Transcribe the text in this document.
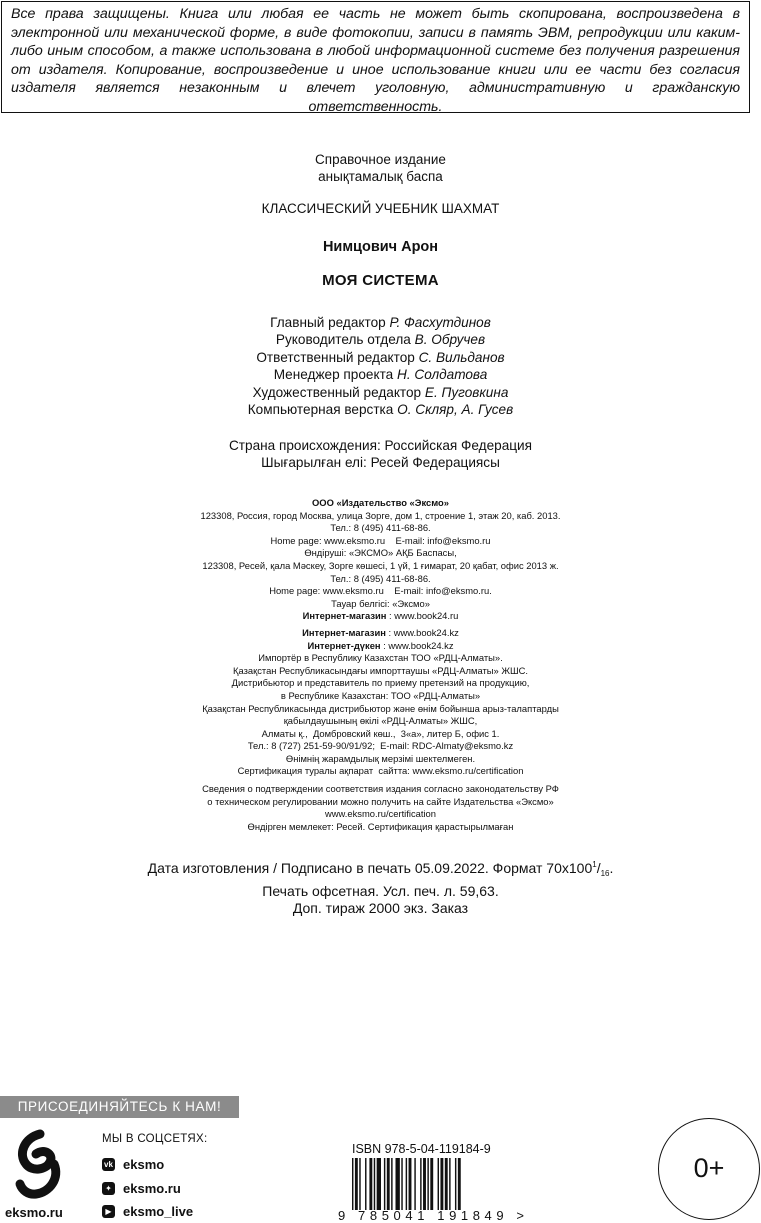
Все права защищены. Книга или любая ее часть не может быть скопирована, воспроизведена в электронной или механической форме, в виде фотокопии, записи в память ЭВМ, репродукции или каким-либо иным способом, а также использована в любой информационной системе без получения разрешения от издателя. Копирование, воспроизведение и иное использование книги или ее части без согласия издателя является незаконным и влечет уголовную, административную и гражданскую ответственность.
Справочное издание
анықтамалық баспа
КЛАССИЧЕСКИЙ УЧЕБНИК ШАХМАТ
Нимцович Арон
МОЯ СИСТЕМА
Главный редактор Р. Фасхутдинов
Руководитель отдела В. Обручев
Ответственный редактор С. Вильданов
Менеджер проекта Н. Солдатова
Художественный редактор Е. Пуговкина
Компьютерная верстка О. Скляр, А. Гусев
Страна происхождения: Российская Федерация
Шығарылған елі: Ресей Федерациясы
ООО «Издательство «Эксмо»
123308, Россия, город Москва, улица Зорге, дом 1, строение 1, этаж 20, каб. 2013.
Тел.: 8 (495) 411-68-86.
Home page: www.eksmo.ru    E-mail: info@eksmo.ru
Өндіруші: «ЭКСМО» АҚБ Баспасы,
123308, Ресей, қала Мәскеу, Зорге көшесі, 1 үй, 1 ғимарат, 20 қабат, офис 2013 ж.
Тел.: 8 (495) 411-68-86.
Home page: www.eksmo.ru    E-mail: info@eksmo.ru.
Тауар белгісі: «Эксмо»
Интернет-магазин : www.book24.ru
Интернет-магазин : www.book24.kz
Интернет-дүкен : www.book24.kz
Импортёр в Республику Казахстан ТОО «РДЦ-Алматы».
Қазақстан Республикасындағы импорттаушы «РДЦ-Алматы» ЖШС.
Дистрибьютор и представитель по приему претензий на продукцию,
в Республике Казахстан: ТОО «РДЦ-Алматы»
Қазақстан Республикасында дистрибьютор және өнім бойынша арыз-талаптарды
қабылдаушының өкілі «РДЦ-Алматы» ЖШС,
Алматы қ.,  Домбровский көш.,  3«а», литер Б, офис 1.
Тел.: 8 (727) 251-59-90/91/92;  E-mail: RDC-Almaty@eksmo.kz
Өнімнің жарамдылық мерзімі шектелмеген.
Сертификация туралы ақпарат  сайтта: www.eksmo.ru/certification
Сведения о подтверждении соответствия издания согласно законодательству РФ
о техническом регулировании можно получить на сайте Издательства «Эксмо»
www.eksmo.ru/certification
Өндірген мемлекет: Ресей. Сертификация қарастырылмаған
Дата изготовления / Подписано в печать 05.09.2022. Формат $70х100^1/_{16}$.
Печать офсетная. Усл. печ. л. 59,63.
Доп. тираж 2000 экз. Заказ
ПРИСОЕДИНЯЙТЕСЬ К НАМ!
eksmo.ru
МЫ В СОЦСЕТЯХ:
vk eksmo
✦ eksmo.ru
▶ eksmo_live
ISBN 978-5-04-119184-9
9 785041 191849 >
0+
